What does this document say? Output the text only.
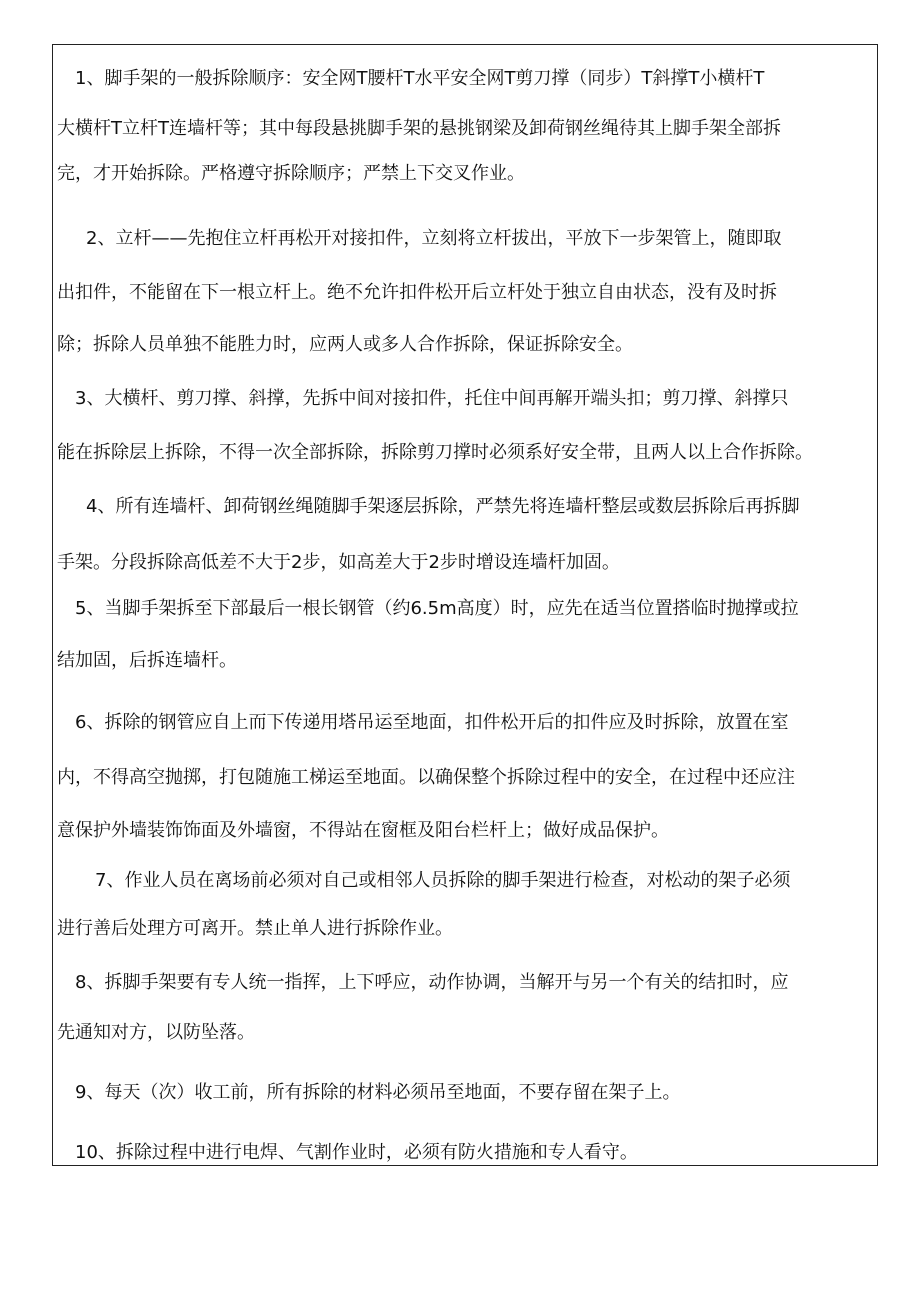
1、脚手架的一般拆除顺序：安全网T腰杆T水平安全网T剪刀撑（同步）T斜撑T小横杆T
大横杆T立杆T连墙杆等；其中每段悬挑脚手架的悬挑钢梁及卸荷钢丝绳待其上脚手架全部拆
完，才开始拆除。严格遵守拆除顺序；严禁上下交叉作业。
2、立杆——先抱住立杆再松开对接扣件，立刻将立杆拔出，平放下一步架管上，随即取
出扣件，不能留在下一根立杆上。绝不允许扣件松开后立杆处于独立自由状态，没有及时拆
除；拆除人员单独不能胜力时，应两人或多人合作拆除，保证拆除安全。
3、大横杆、剪刀撑、斜撑，先拆中间对接扣件，托住中间再解开端头扣；剪刀撑、斜撑只
能在拆除层上拆除，不得一次全部拆除，拆除剪刀撑时必须系好安全带，且两人以上合作拆除。
4、所有连墙杆、卸荷钢丝绳随脚手架逐层拆除，严禁先将连墙杆整层或数层拆除后再拆脚
手架。分段拆除高低差不大于2步，如高差大于2步时增设连墙杆加固。
5、当脚手架拆至下部最后一根长钢管（约6.5m高度）时，应先在适当位置搭临时抛撑或拉
结加固，后拆连墙杆。
6、拆除的钢管应自上而下传递用塔吊运至地面，扣件松开后的扣件应及时拆除，放置在室
内，不得高空抛掷，打包随施工梯运至地面。以确保整个拆除过程中的安全，在过程中还应注
意保护外墙装饰饰面及外墙窗，不得站在窗框及阳台栏杆上；做好成品保护。
7、作业人员在离场前必须对自己或相邻人员拆除的脚手架进行检查，对松动的架子必须
进行善后处理方可离开。禁止单人进行拆除作业。
8、拆脚手架要有专人统一指挥，上下呼应，动作协调，当解开与另一个有关的结扣时，应
先通知对方，以防坠落。
9、每天（次）收工前，所有拆除的材料必须吊至地面，不要存留在架子上。
10、拆除过程中进行电焊、气割作业时，必须有防火措施和专人看守。
